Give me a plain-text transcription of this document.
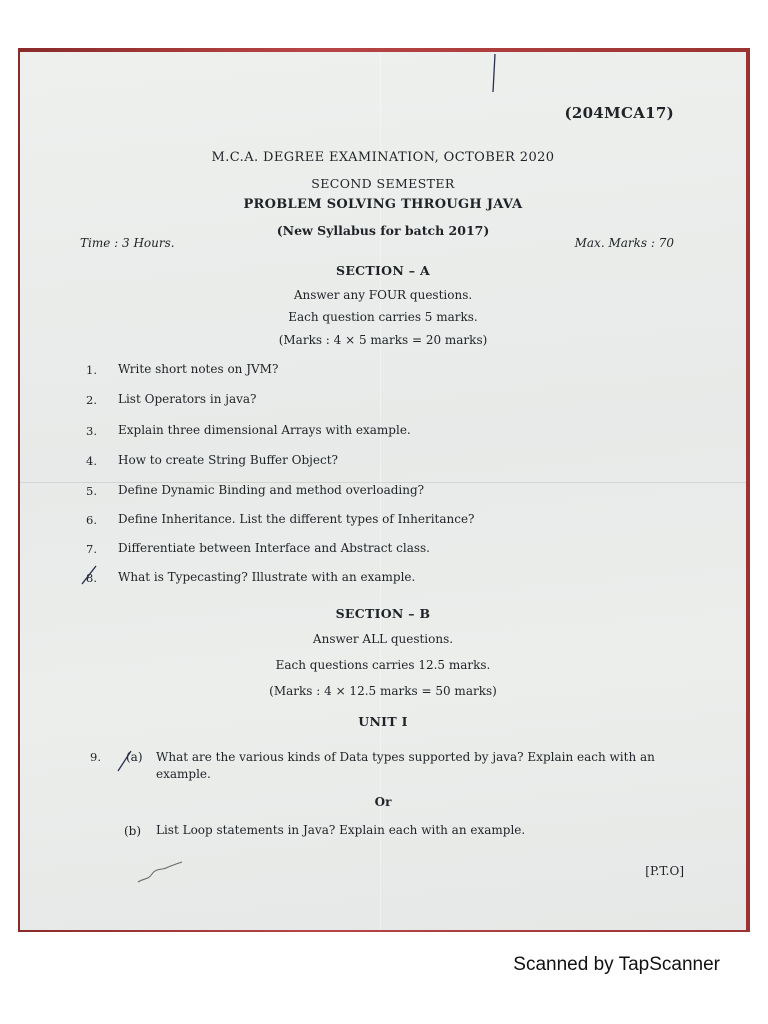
(204MCA17)
M.C.A. DEGREE EXAMINATION, OCTOBER 2020
SECOND SEMESTER
PROBLEM SOLVING THROUGH JAVA
(New Syllabus for batch 2017)
Time : 3 Hours.	Max. Marks : 70
SECTION – A
Answer any FOUR questions.
Each question carries 5 marks.
(Marks : 4 × 5 marks = 20 marks)
1. Write short notes on JVM?
2. List Operators in java?
3. Explain three dimensional Arrays with example.
4. How to create String Buffer Object?
5. Define Dynamic Binding and method overloading?
6. Define Inheritance. List the different types of Inheritance?
7. Differentiate between Interface and Abstract class.
8. What is Typecasting? Illustrate with an example.
SECTION – B
Answer ALL questions.
Each questions carries 12.5 marks.
(Marks : 4 × 12.5 marks = 50 marks)
UNIT I
9. (a) What are the various kinds of Data types supported by java? Explain each with an example.
Or
(b) List Loop statements in Java? Explain each with an example.
[P.T.O]
Scanned by TapScanner
